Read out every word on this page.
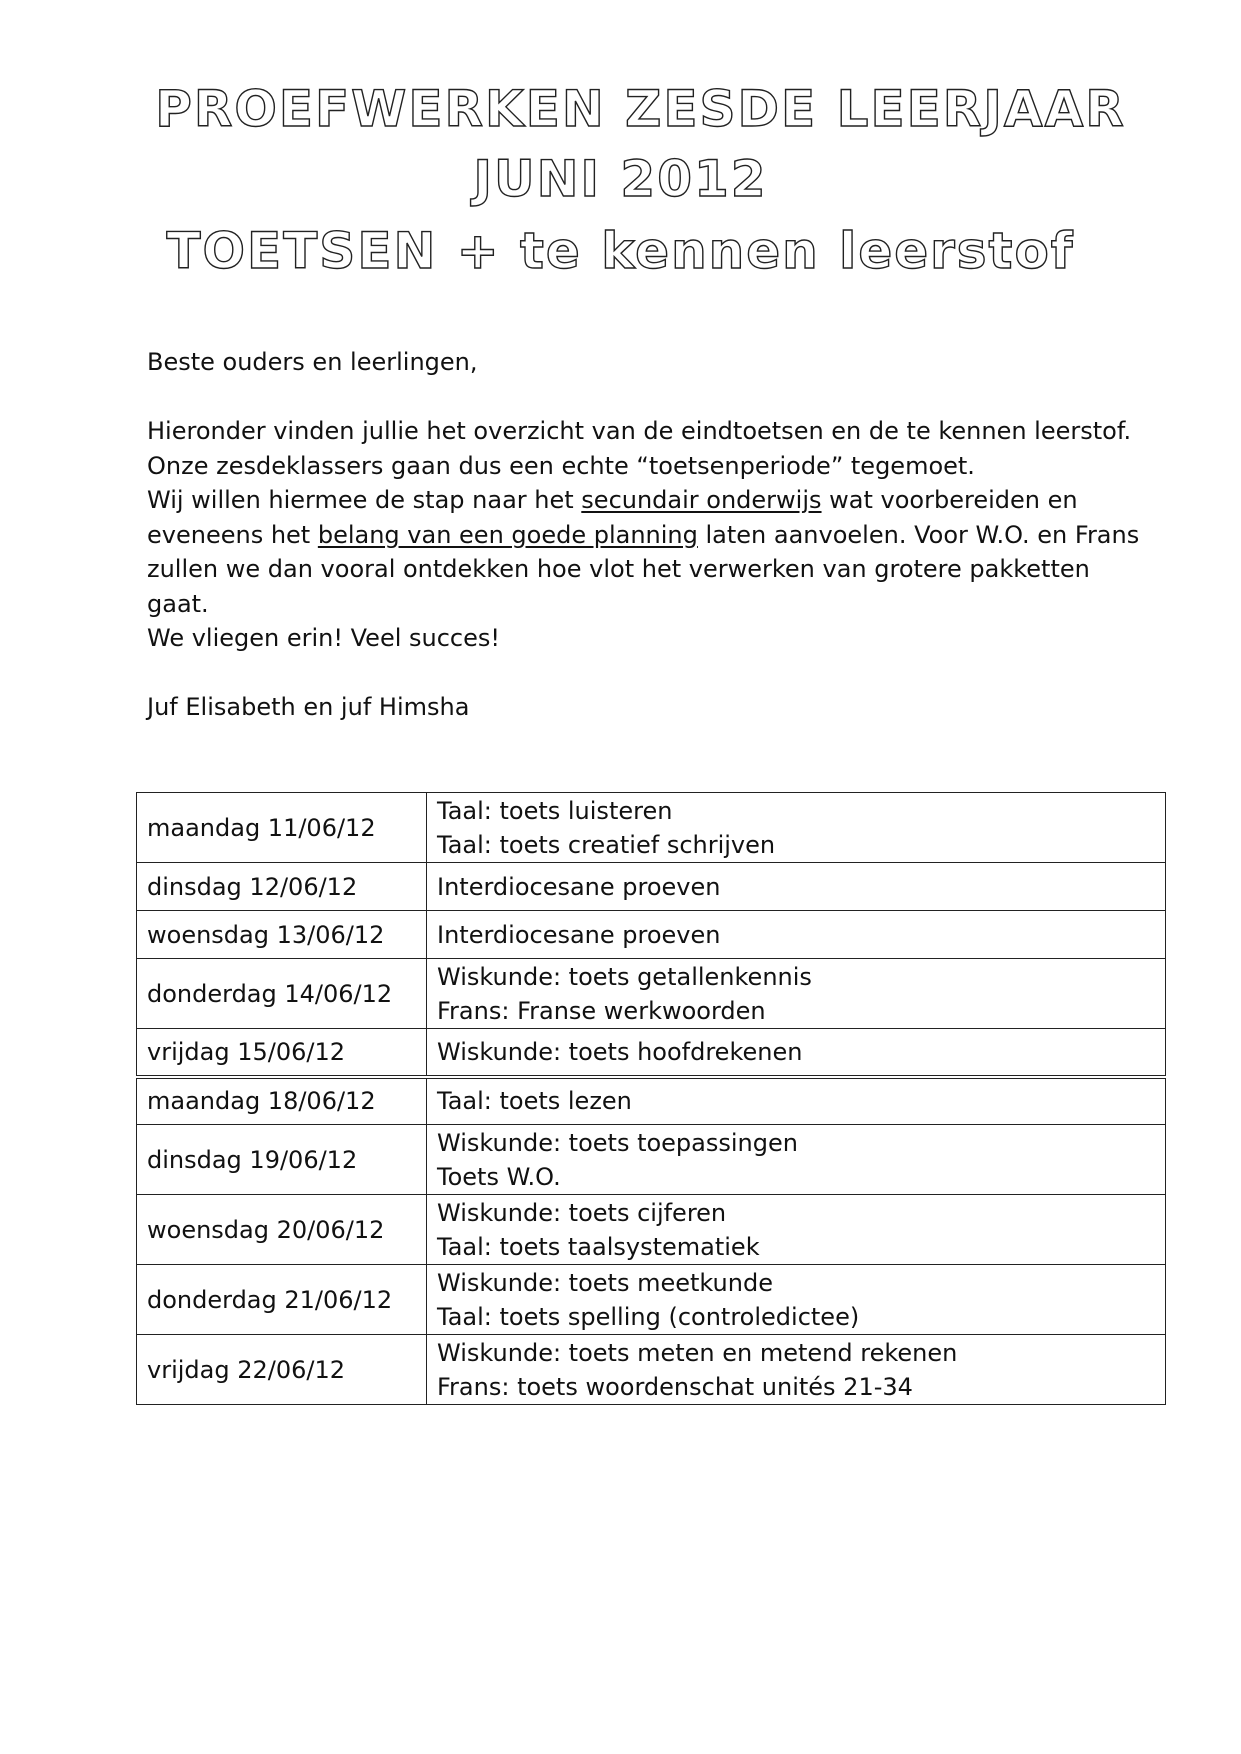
PROEFWERKEN ZESDE LEERJAAR
JUNI 2012
TOETSEN + te kennen leerstof

Beste ouders en leerlingen,

Hieronder vinden jullie het overzicht van de eindtoetsen en de te kennen leerstof.

Onze zesdeklassers gaan dus een echte “toetsenperiode” tegemoet.

Wij willen hiermee de stap naar het secundair onderwijs wat voorbereiden en

eveneens het belang van een goede planning laten aanvoelen. Voor W.O. en Frans

zullen we dan vooral ontdekken hoe vlot het verwerken van grotere pakketten gaat.

We vliegen erin! Veel succes!

Juf Elisabeth en juf Himsha

maandag 11/06/12	Taal: toets luisteren
Taal: toets creatief schrijven

dinsdag 12/06/12	Interdiocesane proeven

woensdag 13/06/12	Interdiocesane proeven

donderdag 14/06/12	Wiskunde: toets getallenkennis
Frans: Franse werkwoorden

vrijdag 15/06/12	Wiskunde: toets hoofdrekenen

maandag 18/06/12	Taal: toets lezen

dinsdag 19/06/12	Wiskunde: toets toepassingen
Toets W.O.

woensdag 20/06/12	Wiskunde: toets cijferen
Taal: toets taalsystematiek

donderdag 21/06/12	Wiskunde: toets meetkunde
Taal: toets spelling (controledictee)

vrijdag 22/06/12	Wiskunde: toets meten en metend rekenen
Frans: toets woordenschat unités 21-34
